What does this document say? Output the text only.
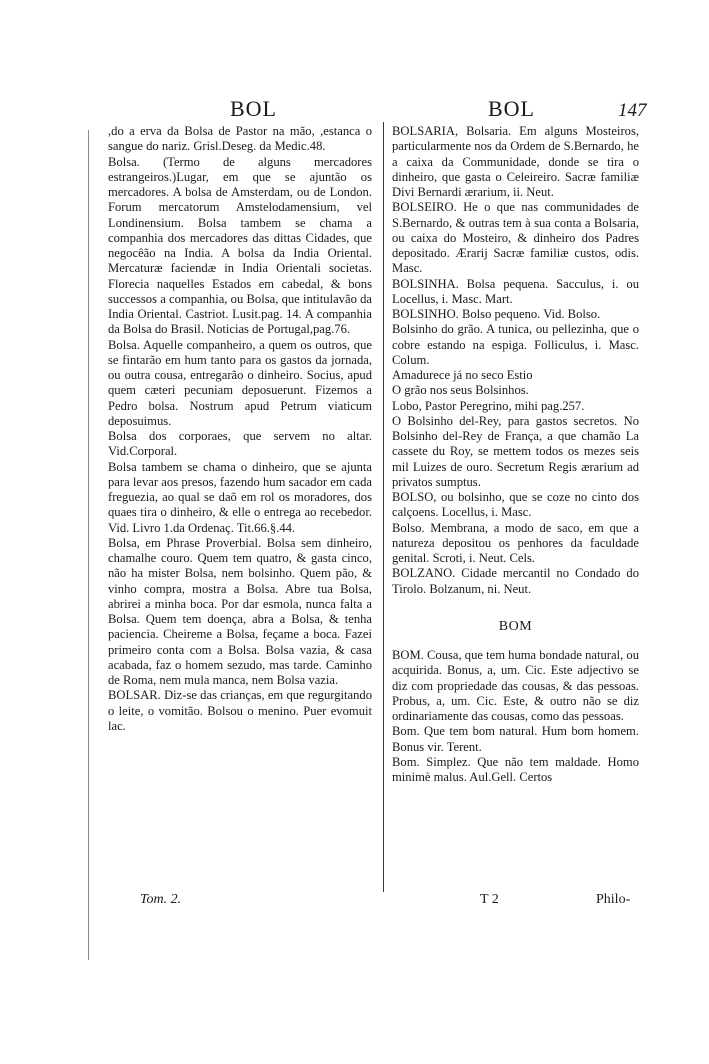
BOL	BOL	147

,do a erva da Bolsa de Pastor na mão, ,estanca o sangue do nariz. Grisl.Deseg. da Medic.48.

Bolsa. (Termo de alguns mercadores estrangeiros.)Lugar, em que se ajuntão os mercadores. A bolsa de Amsterdam, ou de London. Forum mercatorum Amstelodamensium, vel Londinensium. Bolsa tambem se chama a companhia dos mercadores das dittas Cidades, que negocêão na India. A bolsa da India Oriental. Mercaturæ faciendæ in India Orientali societas. Florecia naquelles Estados em cabedal, & bons successos a companhia, ou Bolsa, que intitulavão da India Oriental. Castriot. Lusit.pag. 14. A companhia da Bolsa do Brasil. Noticias de Portugal,pag.76.

Bolsa. Aquelle companheiro, a quem os outros, que se fintarão em hum tanto para os gastos da jornada, ou outra cousa, entregarão o dinheiro. Socius, apud quem cæteri pecuniam deposuerunt. Fizemos a Pedro bolsa. Nostrum apud Petrum viaticum deposuimus.

Bolsa dos corporaes, que servem no altar. Vid.Corporal.

Bolsa tambem se chama o dinheiro, que se ajunta para levar aos presos, fazendo hum sacador em cada freguezia, ao qual se daõ em rol os moradores, dos quaes tira o dinheiro, & elle o entrega ao recebedor. Vid. Livro 1.da Ordenaç. Tit.66.§.44.

Bolsa, em Phrase Proverbial. Bolsa sem dinheiro, chamalhe couro. Quem tem quatro, & gasta cinco, não ha mister Bolsa, nem bolsinho. Quem pão, & vinho compra, mostra a Bolsa. Abre tua Bolsa, abrirei a minha boca. Por dar esmola, nunca falta a Bolsa. Quem tem doença, abra a Bolsa, & tenha paciencia. Cheireme a Bolsa, feçame a boca. Fazei primeiro conta com a Bolsa. Bolsa vazia, & casa acabada, faz o homem sezudo, mas tarde. Caminho de Roma, nem mula manca, nem Bolsa vazia.

BOLSAR. Diz-se das crianças, em que regurgitando o leite, o vomitão. Bolsou o menino. Puer evomuit lac.

BOLSARIA, Bolsaria. Em alguns Mosteiros, particularmente nos da Ordem de S.Bernardo, he a caixa da Communidade, donde se tira o dinheiro, que gasta o Celeireiro. Sacræ familiæ Divi Bernardi ærarium, ii. Neut.

BOLSEIRO. He o que nas communidades de S.Bernardo, & outras tem à sua conta a Bolsaria, ou caixa do Mosteiro, & dinheiro dos Padres depositado. Ærarij Sacræ familiæ custos, odis. Masc.

BOLSINHA. Bolsa pequena. Sacculus, i. ou Locellus, i. Masc. Mart.

BOLSINHO. Bolso pequeno. Vid. Bolso.

Bolsinho do grão. A tunica, ou pellezinha, que o cobre estando na espiga. Folliculus, i. Masc. Colum.

Amadurece já no seco Estio

O grão nos seus Bolsinhos.

Lobo, Pastor Peregrino, mihi pag.257.

O Bolsinho del-Rey, para gastos secretos. No Bolsinho del-Rey de França, a que chamão La cassete du Roy, se mettem todos os mezes seis mil Luizes de ouro. Secretum Regis ærarium ad privatos sumptus.

BOLSO, ou bolsinho, que se coze no cinto dos calçoens. Locellus, i. Masc.

Bolso. Membrana, a modo de saco, em que a natureza depositou os penhores da faculdade genital. Scroti, i. Neut. Cels.

BOLZANO. Cidade mercantil no Condado do Tirolo. Bolzanum, ni. Neut.

BOM

BOM. Cousa, que tem huma bondade natural, ou acquirida. Bonus, a, um. Cic. Este adjectivo se diz com propriedade das cousas, & das pessoas. Probus, a, um. Cic. Este, & outro não se diz ordinariamente das cousas, como das pessoas.

Bom. Que tem bom natural. Hum bom homem. Bonus vir. Terent.

Bom. Simplez. Que não tem maldade. Homo minimè malus. Aul.Gell. Certos

Tom. 2.	T 2	Philo-
